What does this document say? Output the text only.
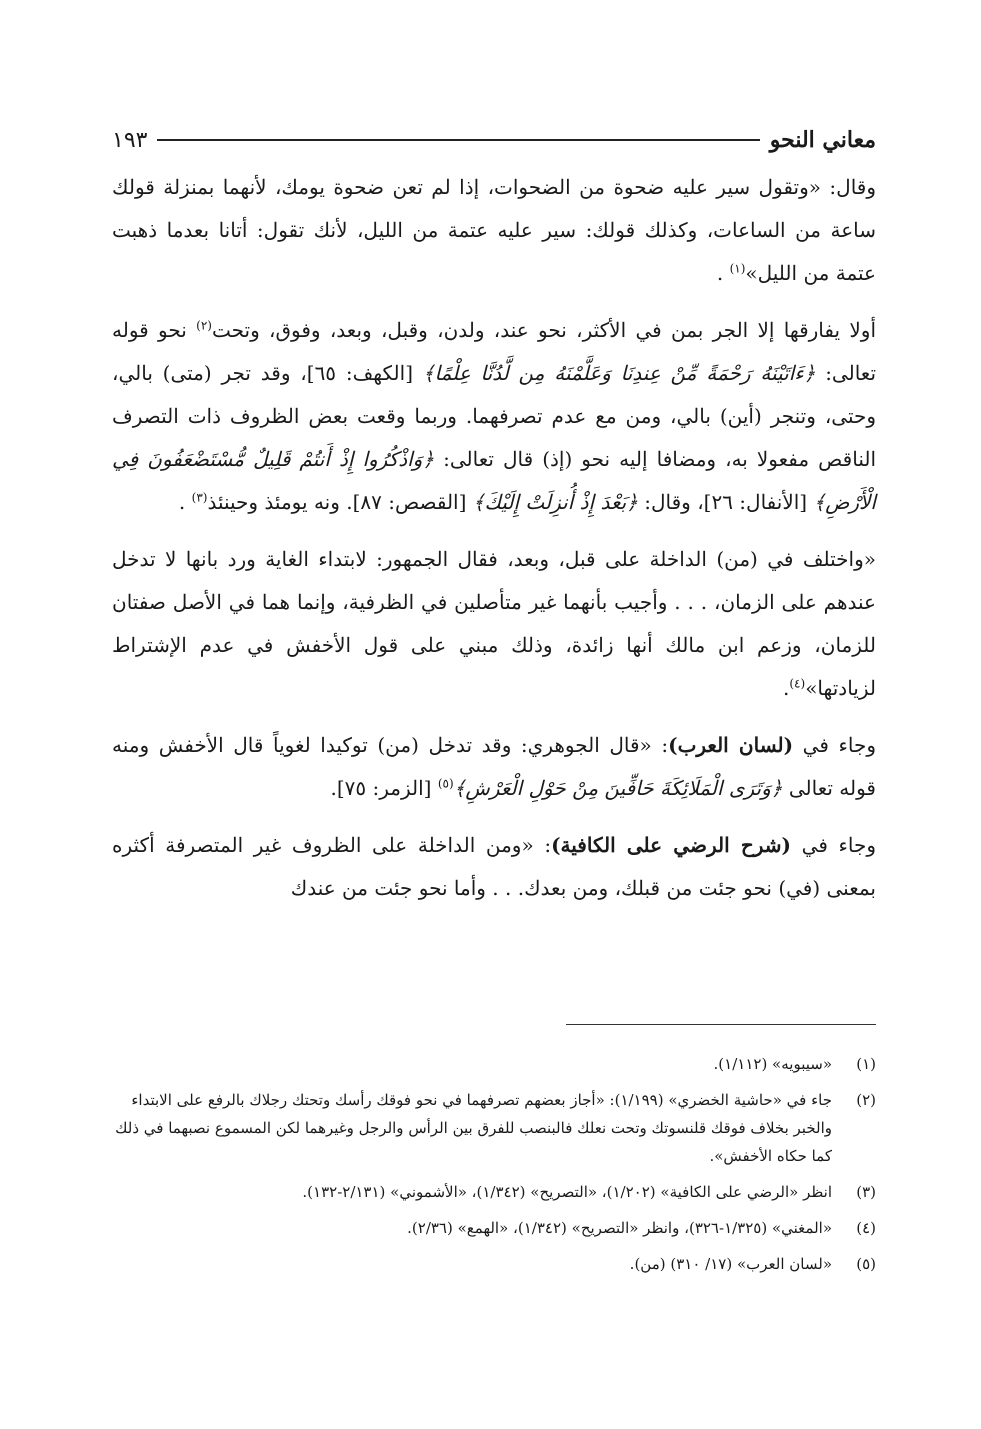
معاني النحو
١٩٣

وقال: «وتقول سير عليه ضحوة من الضحوات، إذا لم تعن ضحوة يومك، لأنهما بمنزلة قولك ساعة من الساعات، وكذلك قولك: سير عليه عتمة من الليل، لأنك تقول: أتانا بعدما ذهبت عتمة من الليل»$^{(١)}$ .

أولا يفارقها إلا الجر بمن في الأكثر، نحو عند، ولدن، وقبل، وبعد، وفوق، وتحت$^{(٢)}$ نحو قوله تعالى: ﴿ءَاتَيْنَهُ رَحْمَةً مِّنْ عِندِنَا وَعَلَّمْنَهُ مِن لَّدُنَّا عِلْمًا﴾ [الكهف: ٦٥]، وقد تجر (متى) بالي، وحتى، وتنجر (أين) بالي، ومن مع عدم تصرفهما. وربما وقعت بعض الظروف ذات التصرف الناقص مفعولا به، ومضافا إليه نحو (إذ) قال تعالى: ﴿وَاذْكُرُوا إِذْ أَنتُمْ قَلِيلٌ مُّسْتَضْعَفُونَ فِي الْأَرْضِ﴾ [الأنفال: ٢٦]، وقال: ﴿بَعْدَ إِذْ أُنزِلَتْ إِلَيْكَ﴾ [القصص: ٨٧]. ونه يومئذ وحينئذ$^{(٣)}$ .

«واختلف في (من) الداخلة على قبل، وبعد، فقال الجمهور: لابتداء الغاية ورد بانها لا تدخل عندهم على الزمان، . . . وأجيب بأنهما غير متأصلين في الظرفية، وإنما هما في الأصل صفتان للزمان، وزعم ابن مالك أنها زائدة، وذلك مبني على قول الأخفش في عدم الإشتراط لزيادتها»$^{(٤)}$.

وجاء في (لسان العرب): «قال الجوهري: وقد تدخل (من) توكيدا لغوياً قال الأخفش ومنه قوله تعالى ﴿وَتَرَى الْمَلَائِكَةَ حَافِّينَ مِنْ حَوْلِ الْعَرْشِ﴾$^{(٥)}$ [الزمر: ٧٥].

وجاء في (شرح الرضي على الكافية): «ومن الداخلة على الظروف غير المتصرفة أكثره بمعنى (في) نحو جئت من قبلك، ومن بعدك. . . وأما نحو جئت من عندك

(١)
«سيبويه» (١/١١٢).
(٢)
جاء في «حاشية الخضري» (١/١٩٩): «أجاز بعضهم تصرفهما في نحو فوقك رأسك وتحتك رجلاك بالرفع على الابتداء والخبر بخلاف فوقك قلنسوتك وتحت نعلك فالبنصب للفرق بين الرأس والرجل وغيرهما لكن المسموع نصبهما في ذلك كما حكاه الأخفش».
(٣)
انظر «الرضي على الكافية» (١/٢٠٢)، «التصريح» (١/٣٤٢)، «الأشموني» (٢/١٣١-١٣٢).
(٤)
«المغني» (١/٣٢٥-٣٢٦)، وانظر «التصريح» (١/٣٤٢)، «الهمع» (٢/٣٦).
(٥)
«لسان العرب» (١٧/ ٣١٠) (من).
